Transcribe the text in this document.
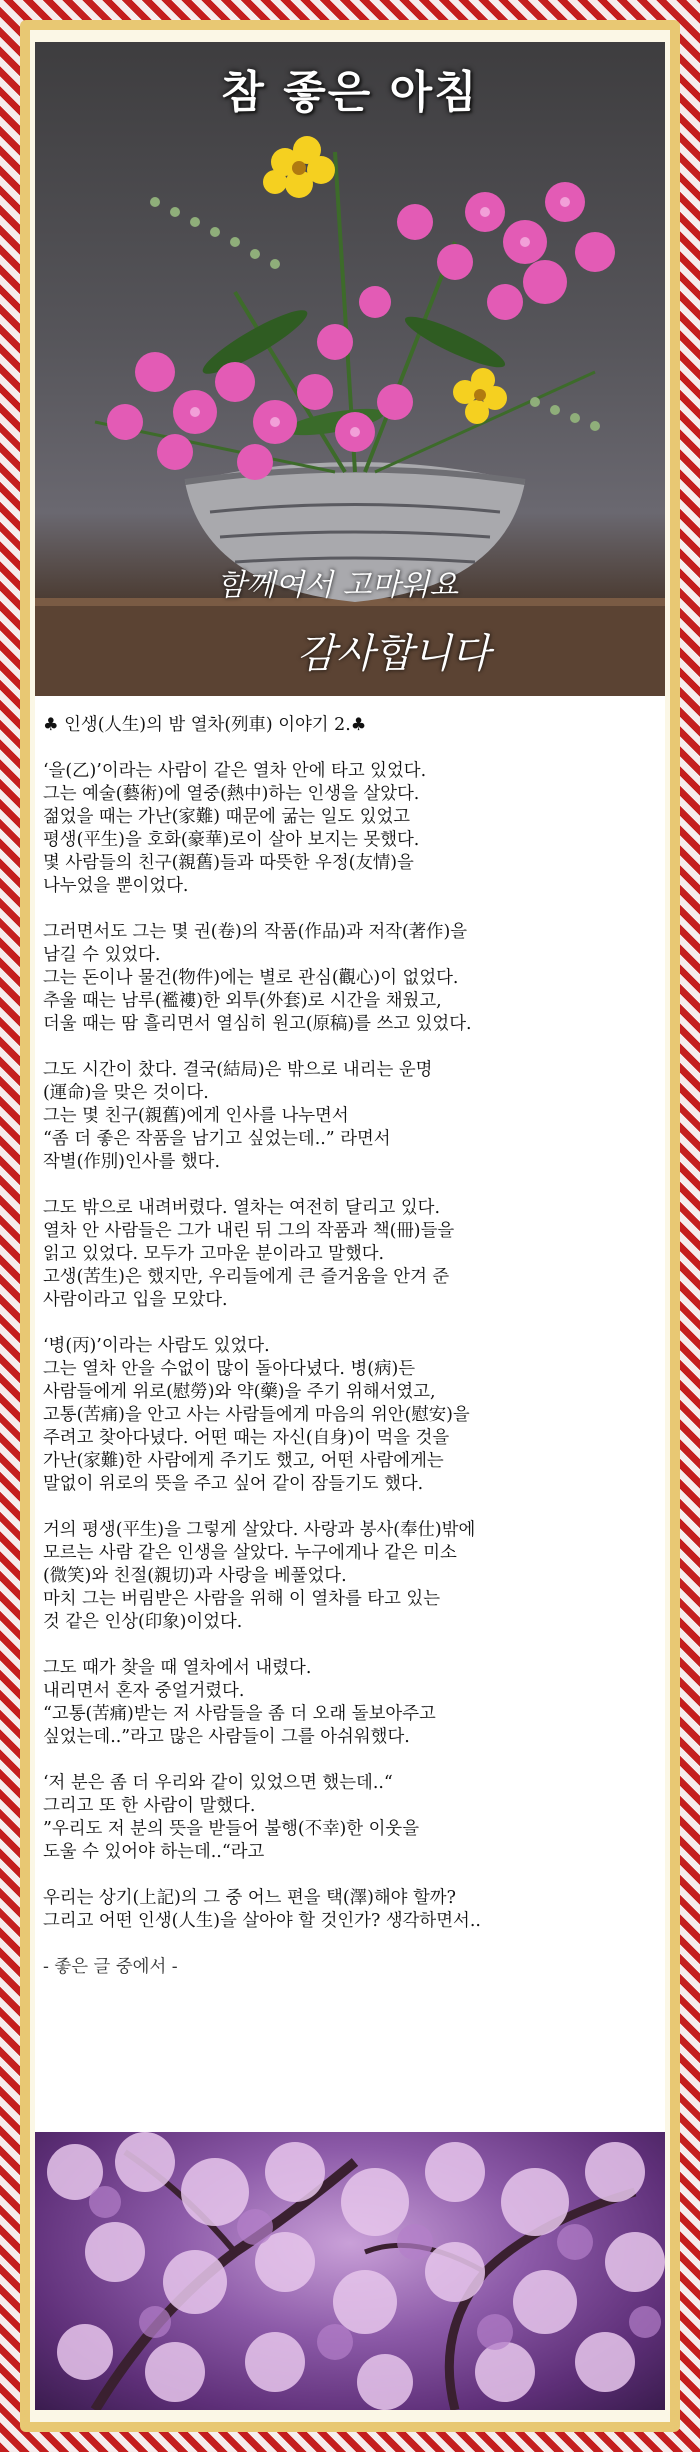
참 좋은 아침
함께여서 고마워요
감사합니다

♣ 인생(人生)의 밤 열차(列車) 이야기 2.♣

‘을(乙)’이라는 사람이 같은 열차 안에 타고 있었다.

그는 예술(藝術)에 열중(熱中)하는 인생을 살았다.

젊었을 때는 가난(家難) 때문에 굶는 일도 있었고

평생(平生)을 호화(豪華)로이 살아 보지는 못했다.

몇 사람들의 친구(親舊)들과 따뜻한 우정(友情)을

나누었을 뿐이었다.

그러면서도 그는 몇 권(卷)의 작품(作品)과 저작(著作)을

남길 수 있었다.

그는 돈이나 물건(物件)에는 별로 관심(觀心)이 없었다.

추울 때는 남루(襤褸)한 외투(外套)로 시간을 채웠고,

더울 때는 땀 흘리면서 열심히 원고(原稿)를 쓰고 있었다.

그도 시간이 찼다. 결국(結局)은 밖으로 내리는 운명

(運命)을 맞은 것이다.

그는 몇 친구(親舊)에게 인사를 나누면서

“좀 더 좋은 작품을 남기고 싶었는데..” 라면서

작별(作別)인사를 했다.

그도 밖으로 내려버렸다. 열차는 여전히 달리고 있다.

열차 안 사람들은 그가 내린 뒤 그의 작품과 책(冊)들을

읽고 있었다. 모두가 고마운 분이라고 말했다.

고생(苦生)은 했지만, 우리들에게 큰 즐거움을 안겨 준

사람이라고 입을 모았다.

‘병(丙)’이라는 사람도 있었다.

그는 열차 안을 수없이 많이 돌아다녔다. 병(病)든

사람들에게 위로(慰勞)와 약(藥)을 주기 위해서였고,

고통(苦痛)을 안고 사는 사람들에게 마음의 위안(慰安)을

주려고 찾아다녔다. 어떤 때는 자신(自身)이 먹을 것을

가난(家難)한 사람에게 주기도 했고, 어떤 사람에게는

말없이 위로의 뜻을 주고 싶어 같이 잠들기도 했다.

거의 평생(平生)을 그렇게 살았다. 사랑과 봉사(奉仕)밖에

모르는 사람 같은 인생을 살았다. 누구에게나 같은 미소

(微笑)와 친절(親切)과 사랑을 베풀었다.

마치 그는 버림받은 사람을 위해 이 열차를 타고 있는

것 같은 인상(印象)이었다.

그도 때가 찾을 때 열차에서 내렸다.

내리면서 혼자 중얼거렸다.

“고통(苦痛)받는 저 사람들을 좀 더 오래 돌보아주고

싶었는데..”라고 많은 사람들이 그를 아쉬워했다.

‘저 분은 좀 더 우리와 같이 있었으면 했는데..“

그리고 또 한 사람이 말했다.

”우리도 저 분의 뜻을 받들어 불행(不幸)한 이웃을

도울 수 있어야 하는데..“라고

우리는 상기(上記)의 그 중 어느 편을 택(澤)해야 할까?

그리고 어떤 인생(人生)을 살아야 할 것인가? 생각하면서..

- 좋은 글 중에서 -
